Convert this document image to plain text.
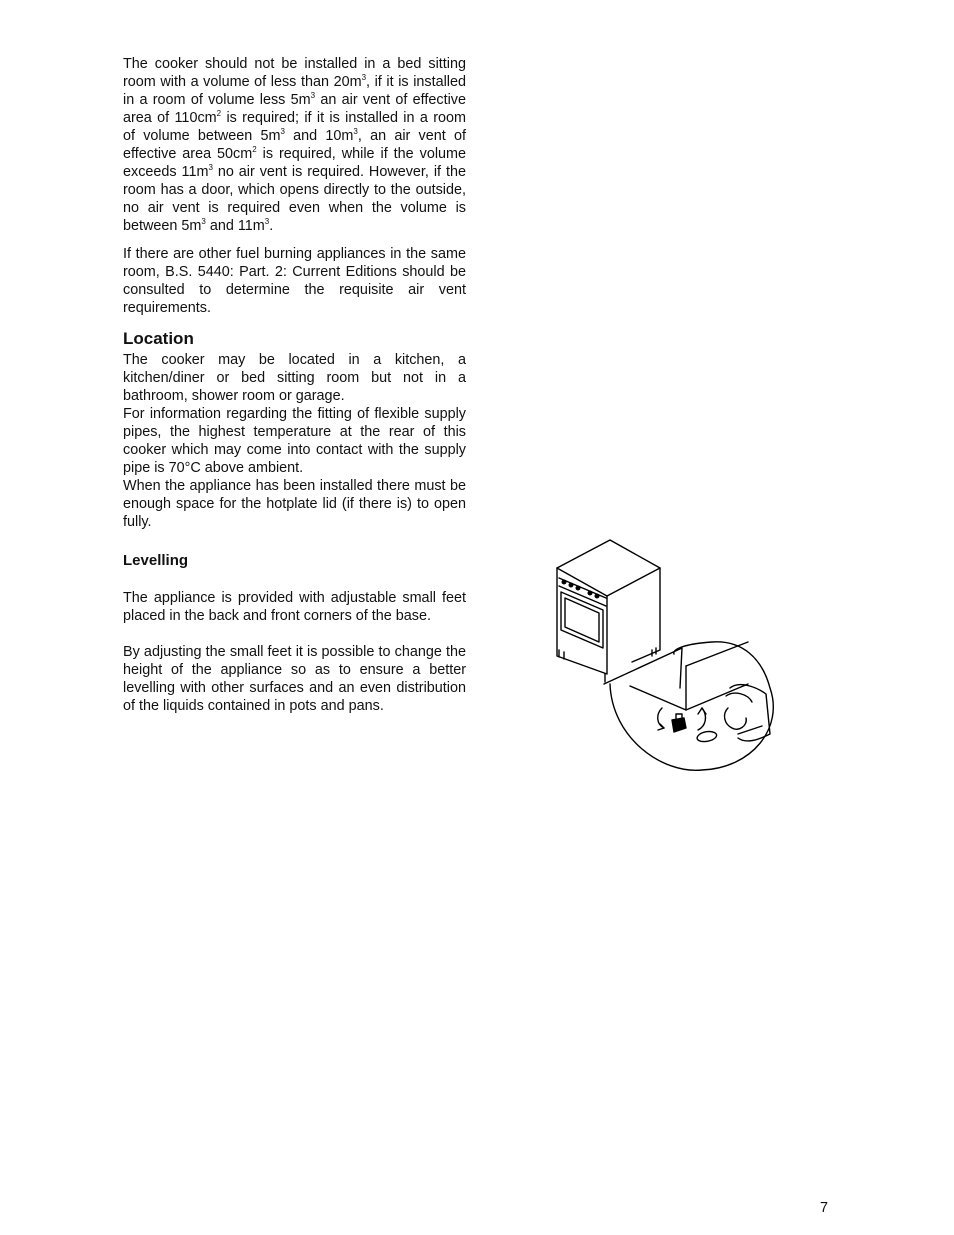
The cooker should not be installed in a bed sitting room with a volume of less than $20m^3$, if it is installed in a room of volume less $5m^3$ an air vent of effective area of $110cm^2$ is required; if it is installed in a room of volume between $5m^3$ and $10m^3$, an air vent of effective area $50cm^2$ is required, while if the volume exceeds $11m^3$ no air vent is required. However, if the room has a door, which opens directly to the outside, no air vent is required even when the volume is between $5m^3$ and $11m^3$.

If there are other fuel burning appliances in the same room, B.S. 5440: Part. 2: Current Editions should be consulted to determine the requisite air vent requirements.

Location

The cooker may be located in a kitchen, a kitchen/diner or bed sitting room but not in a bathroom, shower room or garage.

For information regarding the fitting of flexible supply pipes, the highest temperature at the rear of this cooker which may come into contact with the supply pipe is 70°C above ambient.

When the appliance has been installed there must be enough space for the hotplate lid (if there is) to open fully.

Levelling

The appliance is provided with adjustable small feet placed in the back and front corners of the base.

By adjusting the small feet it is possible to change the height of the appliance so as to ensure a better levelling with other surfaces and an even distribution of the liquids contained in pots and pans.

7
